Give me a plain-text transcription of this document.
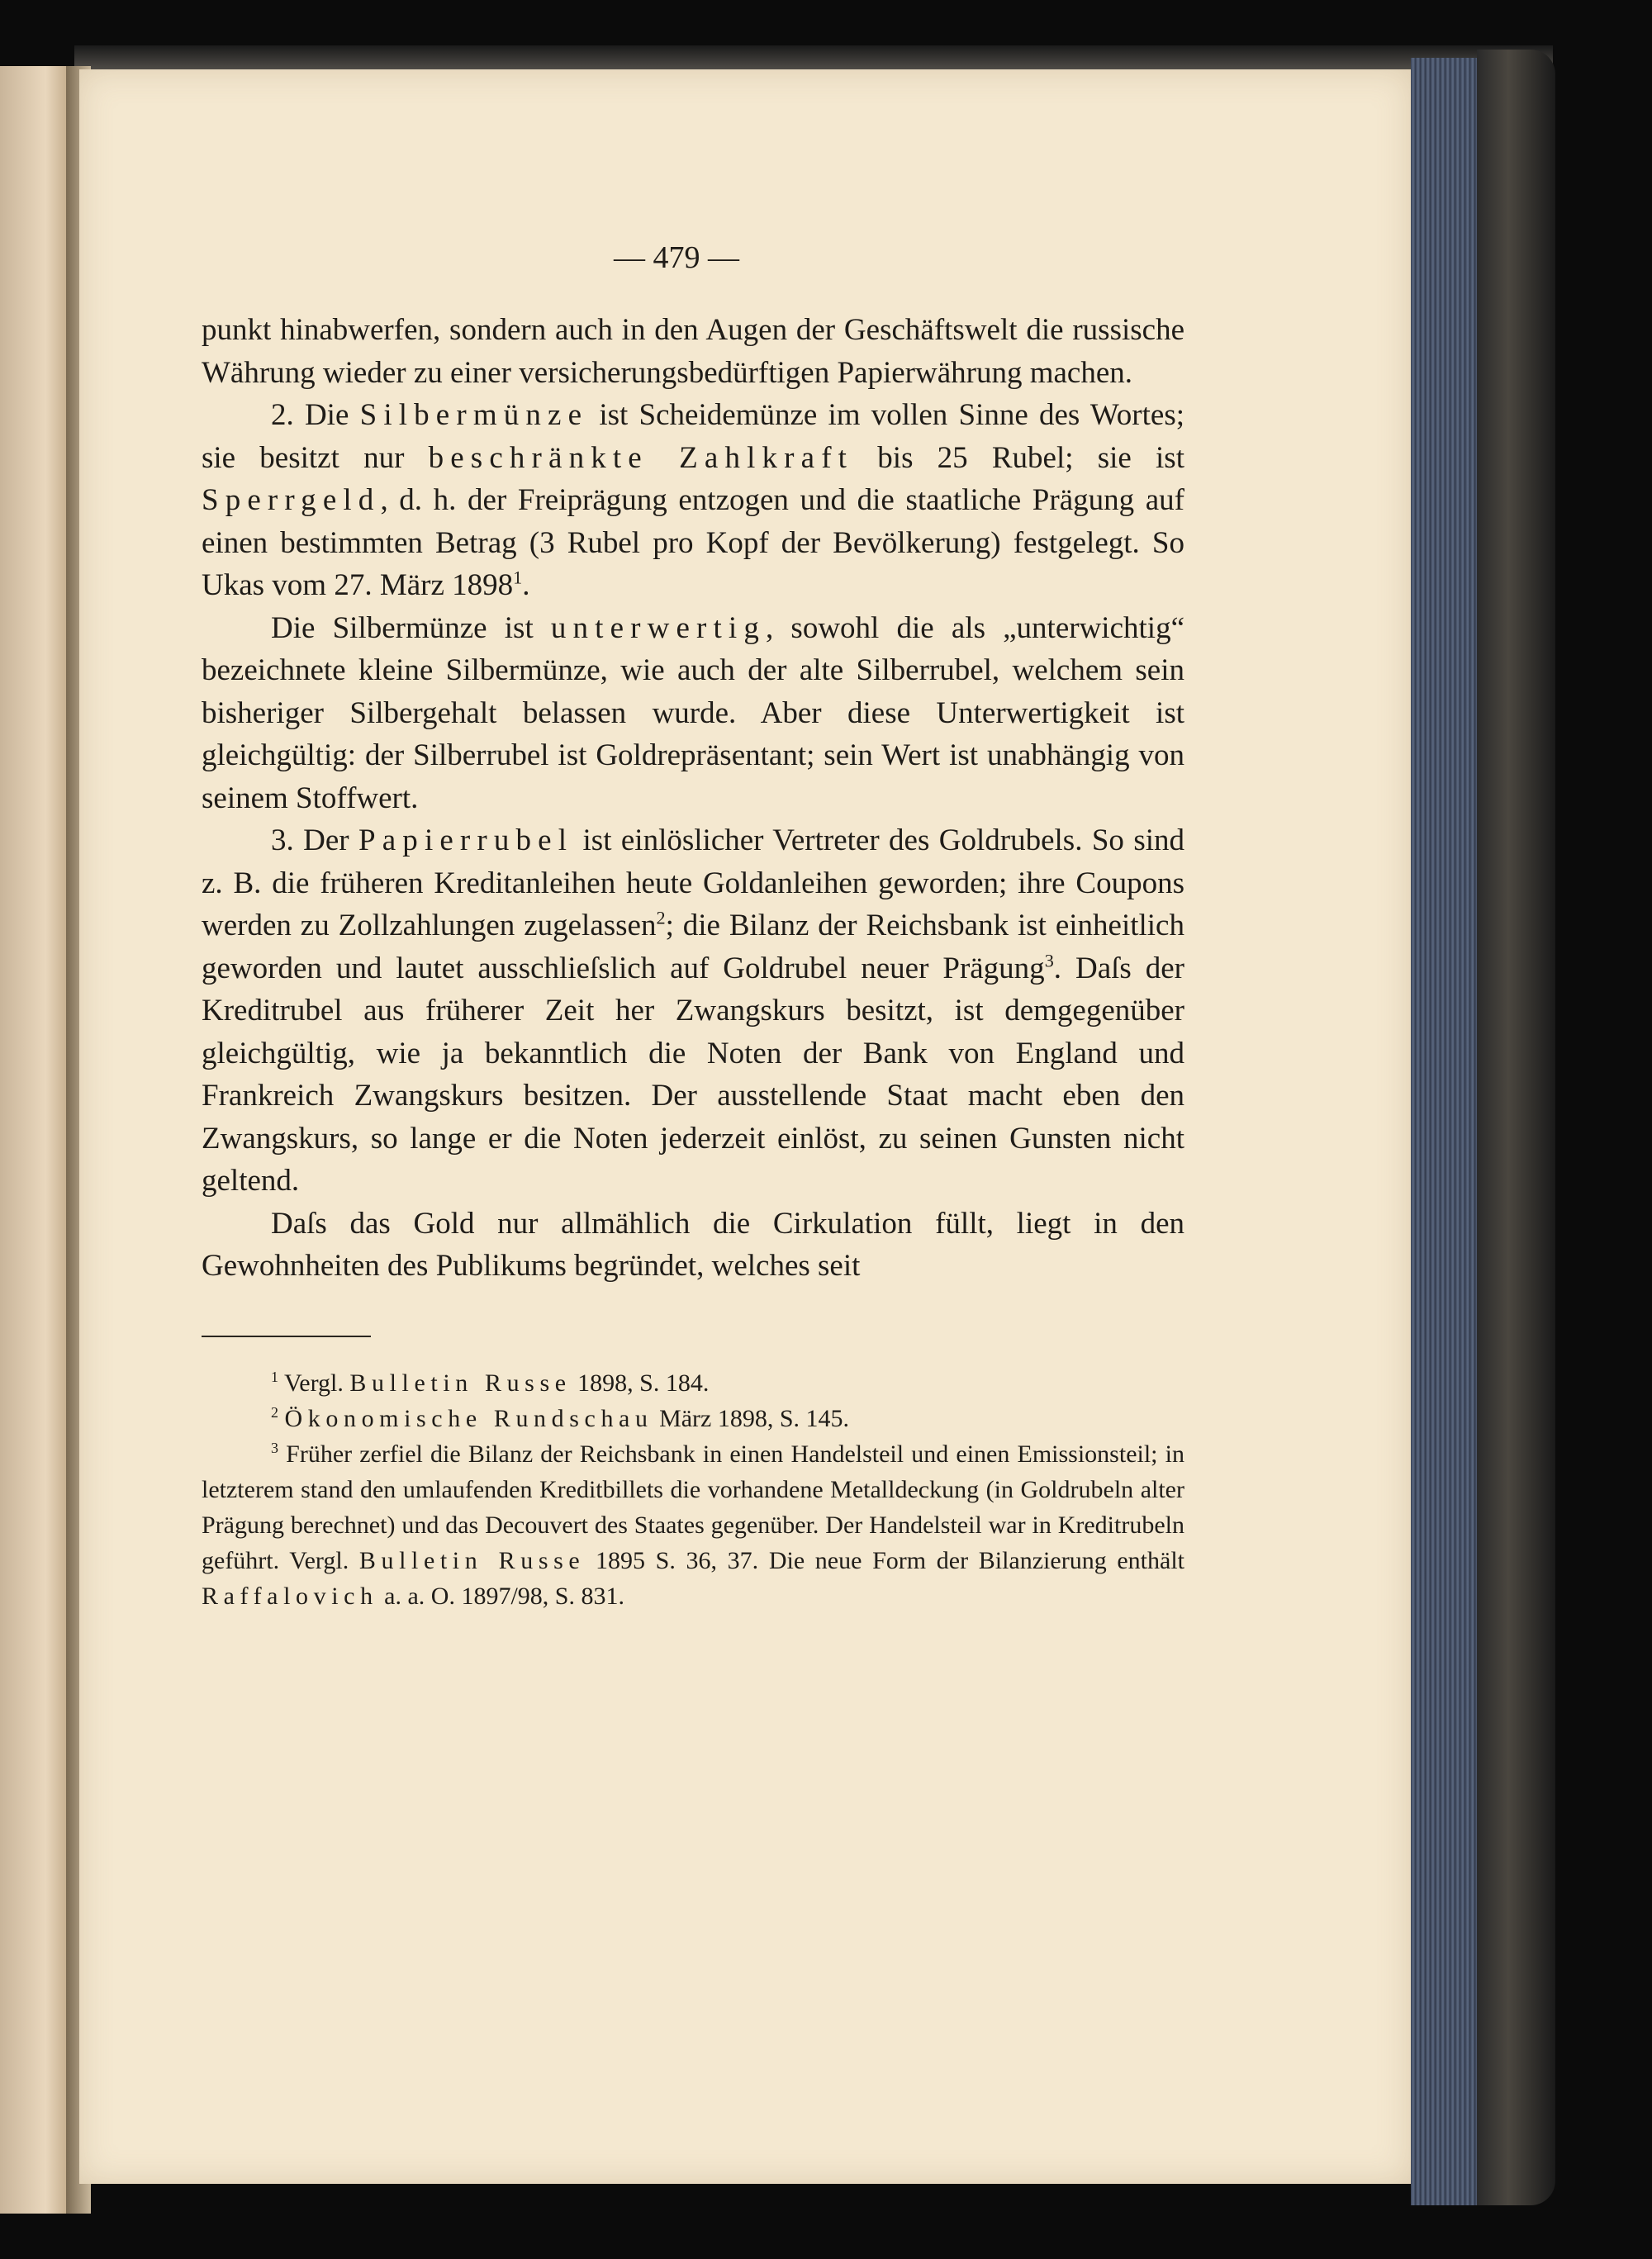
— 479 —

punkt hinabwerfen, sondern auch in den Augen der Geschäftswelt die russische Währung wieder zu einer versicherungsbedürftigen Papierwährung machen.

2. Die Silbermünze ist Scheidemünze im vollen Sinne des Wortes; sie besitzt nur beschränkte Zahlkraft bis 25 Rubel; sie ist Sperrgeld, d. h. der Freiprägung entzogen und die staatliche Prägung auf einen bestimmten Betrag (3 Rubel pro Kopf der Bevölkerung) festgelegt. So Ukas vom 27. März 1898$^1$.

Die Silbermünze ist unterwertig, sowohl die als „unterwichtig“ bezeichnete kleine Silbermünze, wie auch der alte Silberrubel, welchem sein bisheriger Silbergehalt belassen wurde. Aber diese Unterwertigkeit ist gleichgültig: der Silberrubel ist Goldrepräsentant; sein Wert ist unabhängig von seinem Stoffwert.

3. Der Papierrubel ist einlöslicher Vertreter des Goldrubels. So sind z. B. die früheren Kreditanleihen heute Goldanleihen geworden; ihre Coupons werden zu Zollzahlungen zugelassen$^2$; die Bilanz der Reichsbank ist einheitlich geworden und lautet ausschlieſslich auf Goldrubel neuer Prägung$^3$. Daſs der Kreditrubel aus früherer Zeit her Zwangskurs besitzt, ist demgegenüber gleichgültig, wie ja bekanntlich die Noten der Bank von England und Frankreich Zwangskurs besitzen. Der ausstellende Staat macht eben den Zwangskurs, so lange er die Noten jederzeit einlöst, zu seinen Gunsten nicht geltend.

Daſs das Gold nur allmählich die Cirkulation füllt, liegt in den Gewohnheiten des Publikums begründet, welches seit

$^1$ Vergl. Bulletin Russe 1898, S. 184.

$^2$ Ökonomische Rundschau März 1898, S. 145.

$^3$ Früher zerfiel die Bilanz der Reichsbank in einen Handelsteil und einen Emissionsteil; in letzterem stand den umlaufenden Kreditbillets die vorhandene Metalldeckung (in Goldrubeln alter Prägung berechnet) und das Decouvert des Staates gegenüber. Der Handelsteil war in Kreditrubeln geführt. Vergl. Bulletin Russe 1895 S. 36, 37. Die neue Form der Bilanzierung enthält Raffalovich a. a. O. 1897/98, S. 831.
